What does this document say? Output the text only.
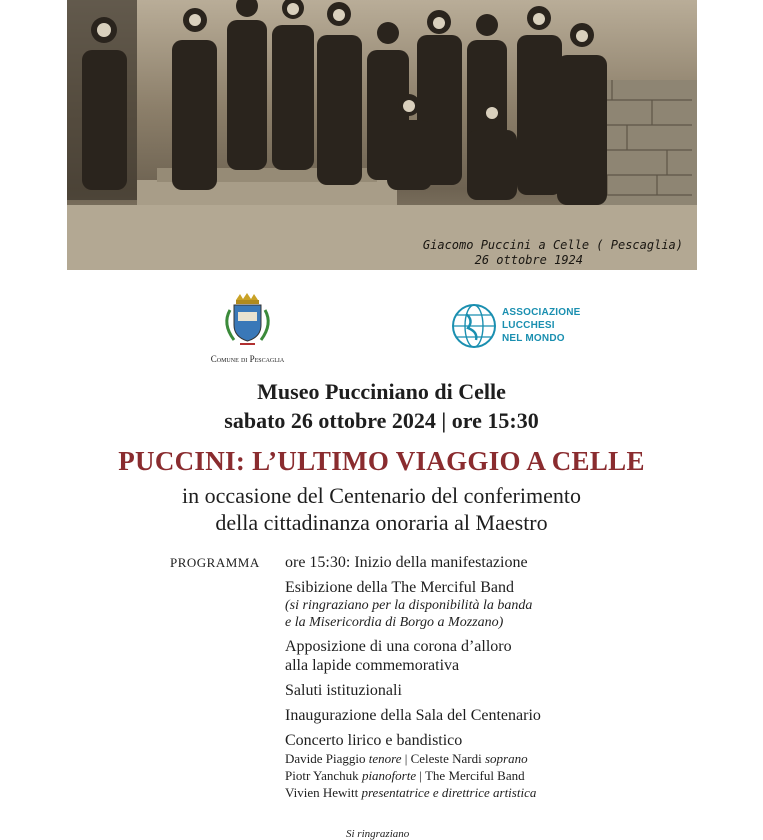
Giacomo Puccini a Celle ( Pescaglia)
26 ottobre 1924
Comune di Pescaglia
ASSOCIAZIONE
LUCCHESI
NEL MONDO
Museo Pucciniano di Celle
sabato 26 ottobre 2024 | ore 15:30
PUCCINI: L’ULTIMO VIAGGIO A CELLE
in occasione del Centenario del conferimento
della cittadinanza onoraria al Maestro
PROGRAMMA ore 15:30: Inizio della manifestazione
Esibizione della The Merciful Band
(si ringraziano per la disponibilità la banda
e la Misericordia di Borgo a Mozzano)
Apposizione di una corona d’alloro
alla lapide commemorativa
Saluti istituzionali
Inaugurazione della Sala del Centenario
Concerto lirico e bandistico
Davide Piaggio tenore | Celeste Nardi soprano
Piotr Yanchuk pianoforte | The Merciful Band
Vivien Hewitt presentatrice e direttrice artistica
Si ringraziano
